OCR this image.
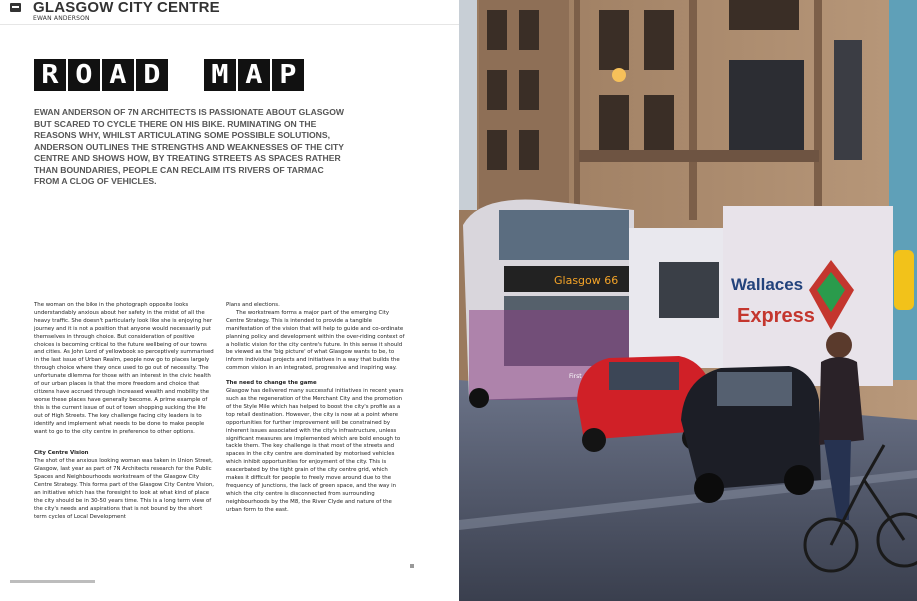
GLASGOW CITY CENTRE
EWAN ANDERSON
R O A D M A P
EWAN ANDERSON OF 7N ARCHITECTS IS PASSIONATE ABOUT GLASGOW BUT SCARED TO CYCLE THERE ON HIS BIKE. RUMINATING ON THE REASONS WHY, WHILST ARTICULATING SOME POSSIBLE SOLUTIONS, ANDERSON OUTLINES THE STRENGTHS AND WEAKNESSES OF THE CITY CENTRE AND SHOWS HOW, BY TREATING STREETS AS SPACES RATHER THAN BOUNDARIES, PEOPLE CAN RECLAIM ITS RIVERS OF TARMAC FROM A CLOG OF VEHICLES.

The woman on the bike in the photograph opposite looks understandably anxious about her safety in the midst of all the heavy traffic. She doesn't particularly look like she is enjoying her journey and it is not a position that anyone would necessarily put themselves in through choice. But consideration of positive choices is becoming critical to the future wellbeing of our towns and cities. As John Lord of yellowbook so perceptively summarised in the last issue of Urban Realm, people now go to places largely through choice where they once used to go out of necessity. The unfortunate dilemma for those with an interest in the civic health of our urban places is that the more freedom and choice that citizens have accrued through increased wealth and mobility the worse these places have generally become. A prime example of this is the current issue of out of town shopping sucking the life out of High Streets. The key challenge facing city leaders is to identify and implement what needs to be done to make people want to go to the city centre in preference to other options.

City Centre Vision

The shot of the anxious looking woman was taken in Union Street, Glasgow, last year as part of 7N Architects research for the Public Spaces and Neighbourhoods workstream of the Glasgow City Centre Strategy. This forms part of the Glasgow City Centre Vision, an initiative which has the foresight to look at what kind of place the city should be in 30-50 years time. This is a long term view of the city's needs and aspirations that is not bound by the short term cycles of Local Development

Plans and elections.

The workstream forms a major part of the emerging City Centre Strategy. This is intended to provide a tangible manifestation of the vision that will help to guide and co-ordinate planning policy and development within the over-riding context of a holistic vision for the city centre's future. In this sense it should be viewed as the 'big picture' of what Glasgow wants to be, to inform individual projects and initiatives in a way that builds the common vision in an integrated, progressive and inspiring way.

The need to change the game

Glasgow has delivered many successful initiatives in recent years such as the regeneration of the Merchant City and the promotion of the Style Mile which has helped to boost the city's profile as a top retail destination. However, the city is now at a point where opportunities for further improvement will be constrained by inherent issues associated with the city's infrastructure, unless significant measures are implemented which are bold enough to tackle them. The key challenge is that most of the streets and spaces in the city centre are dominated by motorised vehicles which inhibit opportunities for enjoyment of the city. This is exacerbated by the tight grain of the city centre grid, which makes it difficult for people to freely move around due to the frequency of junctions, the lack of green space, and the way in which the city centre is disconnected from surrounding neighbourhoods by the M8, the River Clyde and nature of the urban form to the east.

Glasgow 66
First
Wallaces
Express
